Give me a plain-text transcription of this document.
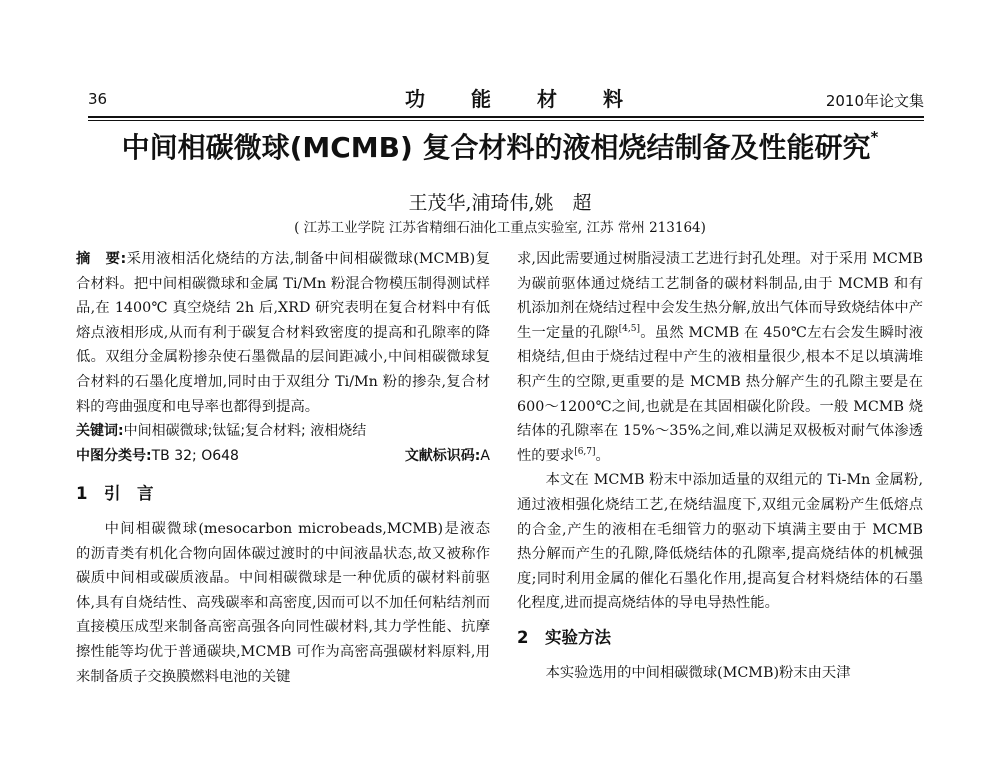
36	功能材料	2010年论文集
中间相碳微球(MCMB) 复合材料的液相烧结制备及性能研究*
王茂华,浦琦伟,姚　超
( 江苏工业学院 江苏省精细石油化工重点实验室, 江苏 常州 213164)

摘　要:采用液相活化烧结的方法,制备中间相碳微球(MCMB)复合材料。把中间相碳微球和金属 Ti/Mn 粉混合物模压制得测试样品,在 1400℃ 真空烧结 2h 后,XRD 研究表明在复合材料中有低熔点液相形成,从而有利于碳复合材料致密度的提高和孔隙率的降低。双组分金属粉掺杂使石墨微晶的层间距减小,中间相碳微球复合材料的石墨化度增加,同时由于双组分 Ti/Mn 粉的掺杂,复合材料的弯曲强度和电导率也都得到提高。

关键词:中间相碳微球;钛锰;复合材料; 液相烧结

中图分类号:TB 32; O648	文献标识码:A

1　引　言

中间相碳微球(mesocarbon microbeads,MCMB)是液态的沥青类有机化合物向固体碳过渡时的中间液晶状态,故又被称作碳质中间相或碳质液晶。中间相碳微球是一种优质的碳材料前驱体,具有自烧结性、高残碳率和高密度,因而可以不加任何粘结剂而直接模压成型来制备高密高强各向同性碳材料,其力学性能、抗摩擦性能等均优于普通碳块,MCMB 可作为高密高强碳材料原料,用来制备质子交换膜燃料电池的关键

求,因此需要通过树脂浸渍工艺进行封孔处理。对于采用 MCMB 为碳前驱体通过烧结工艺制备的碳材料制品,由于 MCMB 和有机添加剂在烧结过程中会发生热分解,放出气体而导致烧结体中产生一定量的孔隙[4,5]。虽然 MCMB 在 450℃左右会发生瞬时液相烧结,但由于烧结过程中产生的液相量很少,根本不足以填满堆积产生的空隙,更重要的是 MCMB 热分解产生的孔隙主要是在 600～1200℃之间,也就是在其固相碳化阶段。一般 MCMB 烧结体的孔隙率在 15%～35%之间,难以满足双极板对耐气体渗透性的要求[6,7]。

本文在 MCMB 粉末中添加适量的双组元的 Ti-Mn 金属粉,通过液相强化烧结工艺,在烧结温度下,双组元金属粉产生低熔点的合金,产生的液相在毛细管力的驱动下填满主要由于 MCMB 热分解而产生的孔隙,降低烧结体的孔隙率,提高烧结体的机械强度;同时利用金属的催化石墨化作用,提高复合材料烧结体的石墨化程度,进而提高烧结体的导电导热性能。

2　实验方法

本实验选用的中间相碳微球(MCMB)粉末由天津
